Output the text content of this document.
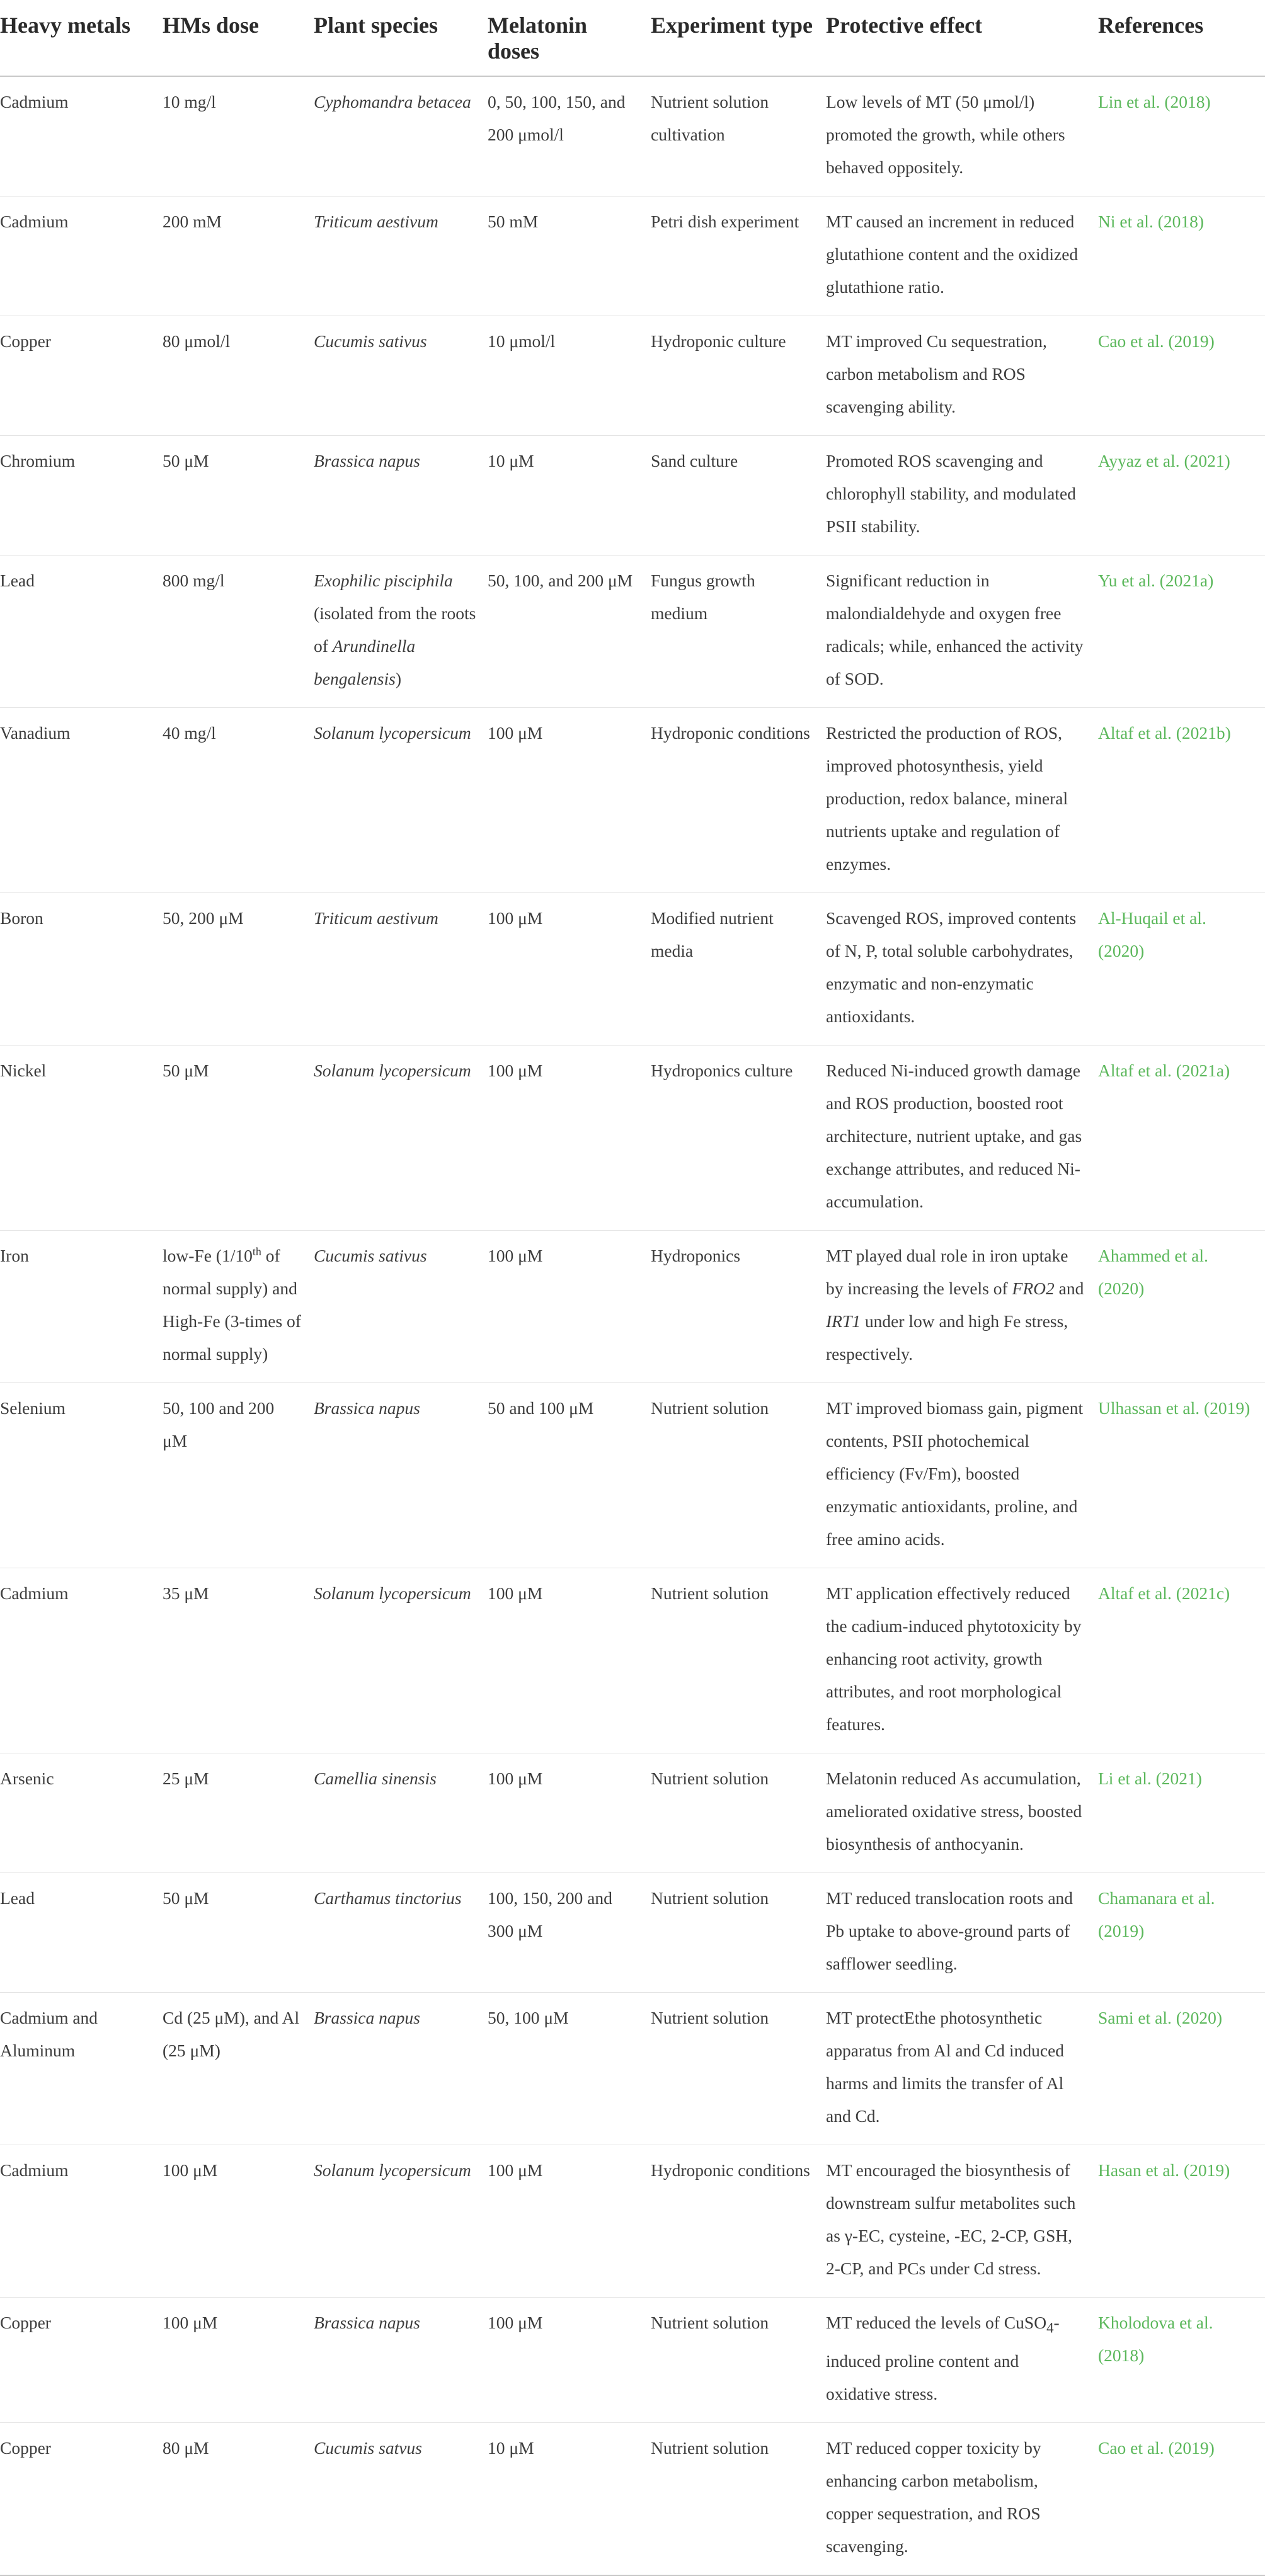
Heavy metals	HMs dose	Plant species	Melatonin doses	Experiment type	Protective effect	References

Cadmium	10 mg/l	Cyphomandra betacea	0, 50, 100, 150, and 200 μmol/l	Nutrient solution cultivation	Low levels of MT (50 μmol/l) promoted the growth, while others behaved oppositely.	Lin et al. (2018)

Cadmium	200 mM	Triticum aestivum	50 mM	Petri dish experiment	MT caused an increment in reduced glutathione content and the oxidized glutathione ratio.	Ni et al. (2018)

Copper	80 μmol/l	Cucumis sativus	10 μmol/l	Hydroponic culture	MT improved Cu sequestration, carbon metabolism and ROS scavenging ability.	Cao et al. (2019)

Chromium	50 μM	Brassica napus	10 μM	Sand culture	Promoted ROS scavenging and chlorophyll stability, and modulated PSII stability.	Ayyaz et al. (2021)

Lead	800 mg/l	Exophilic pisciphila
(isolated from the roots of Arundinella bengalensis)	50, 100, and 200 μM	Fungus growth medium	Significant reduction in malondialdehyde and oxygen free radicals; while, enhanced the activity of SOD.	Yu et al. (2021a)

Vanadium	40 mg/l	Solanum lycopersicum	100 μM	Hydroponic conditions	Restricted the production of ROS, improved photosynthesis, yield production, redox balance, mineral nutrients uptake and regulation of enzymes.	Altaf et al. (2021b)

Boron	50, 200 μM	Triticum aestivum	100 μM	Modified nutrient media	Scavenged ROS, improved contents of N, P, total soluble carbohydrates, enzymatic and non-enzymatic antioxidants.	Al-Huqail et al. (2020)

Nickel	50 μM	Solanum lycopersicum	100 μM	Hydroponics culture	Reduced Ni-induced growth damage and ROS production, boosted root architecture, nutrient uptake, and gas exchange attributes, and reduced Ni-accumulation.	Altaf et al. (2021a)

Iron	low-Fe (1/10th of normal supply) and High-Fe (3-times of normal supply)	Cucumis sativus	100 μM	Hydroponics	MT played dual role in iron uptake by increasing the levels of FRO2 and IRT1 under low and high Fe stress, respectively.	Ahammed et al. (2020)

Selenium	50, 100 and 200 μM	Brassica napus	50 and 100 μM	Nutrient solution	MT improved biomass gain, pigment contents, PSII photochemical efficiency (Fv/Fm), boosted enzymatic antioxidants, proline, and free amino acids.	Ulhassan et al. (2019)

Cadmium	35 μM	Solanum lycopersicum	100 μM	Nutrient solution	MT application effectively reduced the cadium-induced phytotoxicity by enhancing root activity, growth attributes, and root morphological features.	Altaf et al. (2021c)

Arsenic	25 μM	Camellia sinensis	100 μM	Nutrient solution	Melatonin reduced As accumulation, ameliorated oxidative stress, boosted biosynthesis of anthocyanin.	Li et al. (2021)

Lead	50 μM	Carthamus tinctorius	100, 150, 200 and 300 μM	Nutrient solution	MT reduced translocation roots and Pb uptake to above-ground parts of safflower seedling.	Chamanara et al. (2019)

Cadmium and Aluminum	Cd (25 μM), and Al (25 μM)	Brassica napus	50, 100 μM	Nutrient solution	MT protectEthe photosynthetic apparatus from Al and Cd induced harms and limits the transfer of Al and Cd.	Sami et al. (2020)

Cadmium	100 μM	Solanum lycopersicum	100 μM	Hydroponic conditions	MT encouraged the biosynthesis of downstream sulfur metabolites such as γ-EC, cysteine, -EC, 2-CP, GSH, 2-CP, and PCs under Cd stress.	Hasan et al. (2019)

Copper	100 μM	Brassica napus	100 μM	Nutrient solution	MT reduced the levels of CuSO$_4$-induced proline content and oxidative stress.	Kholodova et al. (2018)

Copper	80 μM	Cucumis satvus	10 μM	Nutrient solution	MT reduced copper toxicity by enhancing carbon metabolism, copper sequestration, and ROS scavenging.	Cao et al. (2019)
